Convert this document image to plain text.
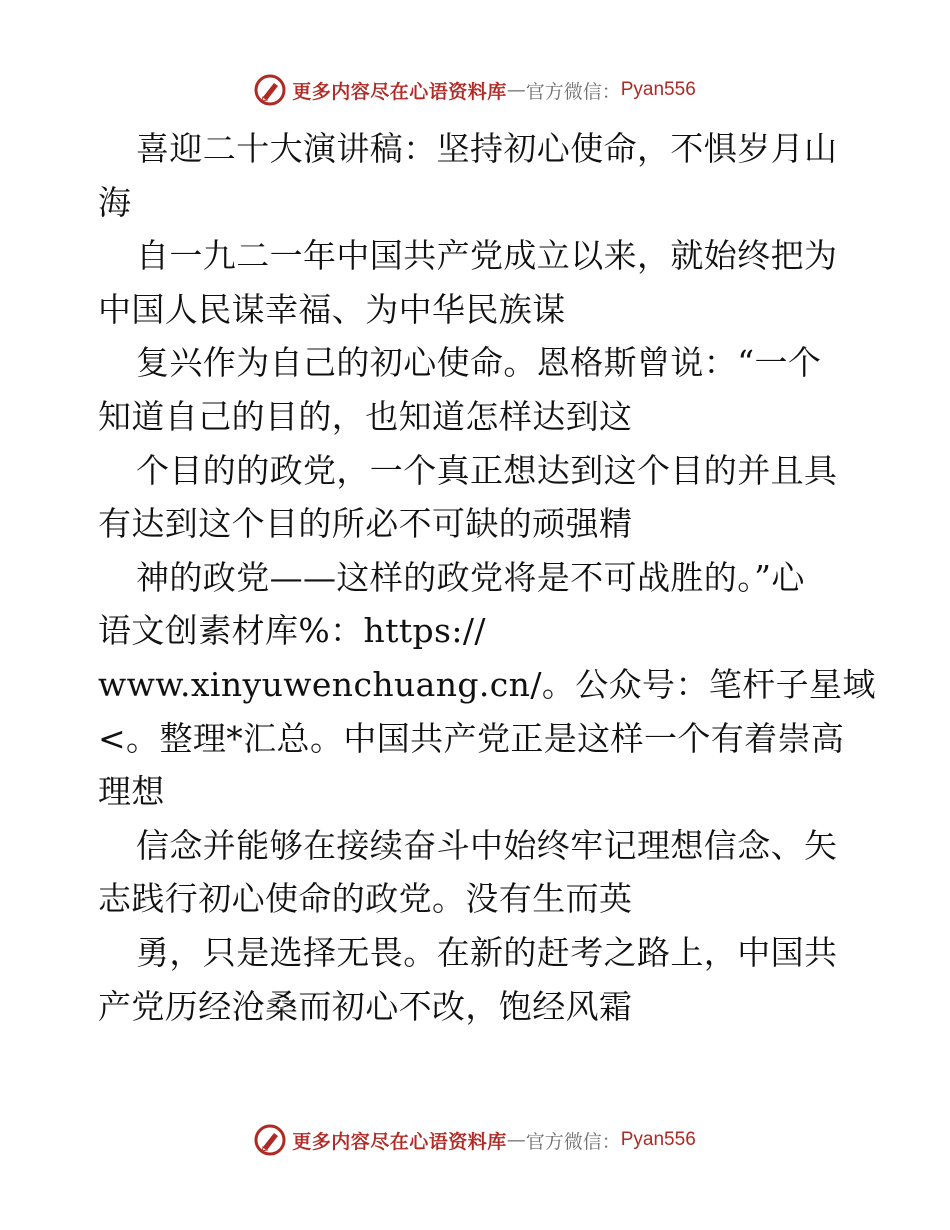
更多内容尽在心语资料库 — 官方微信： Pyan556
喜迎二十大演讲稿：坚持初心使命，不惧岁月山
海
自一九二一年中国共产党成立以来，就始终把为
中国人民谋幸福、为中华民族谋
复兴作为自己的初心使命。恩格斯曾说：“一个
知道自己的目的，也知道怎样达到这
个目的的政党，一个真正想达到这个目的并且具
有达到这个目的所必不可缺的顽强精
神的政党——这样的政党将是不可战胜的。”心
语文创素材库%：https://
www.xinyuwenchuang.cn/。公众号：笔杆子星域
<。整理*汇总。中国共产党正是这样一个有着崇高
理想
信念并能够在接续奋斗中始终牢记理想信念、矢
志践行初心使命的政党。没有生而英
勇，只是选择无畏。在新的赶考之路上，中国共
产党历经沧桑而初心不改，饱经风霜
更多内容尽在心语资料库 — 官方微信： Pyan556
